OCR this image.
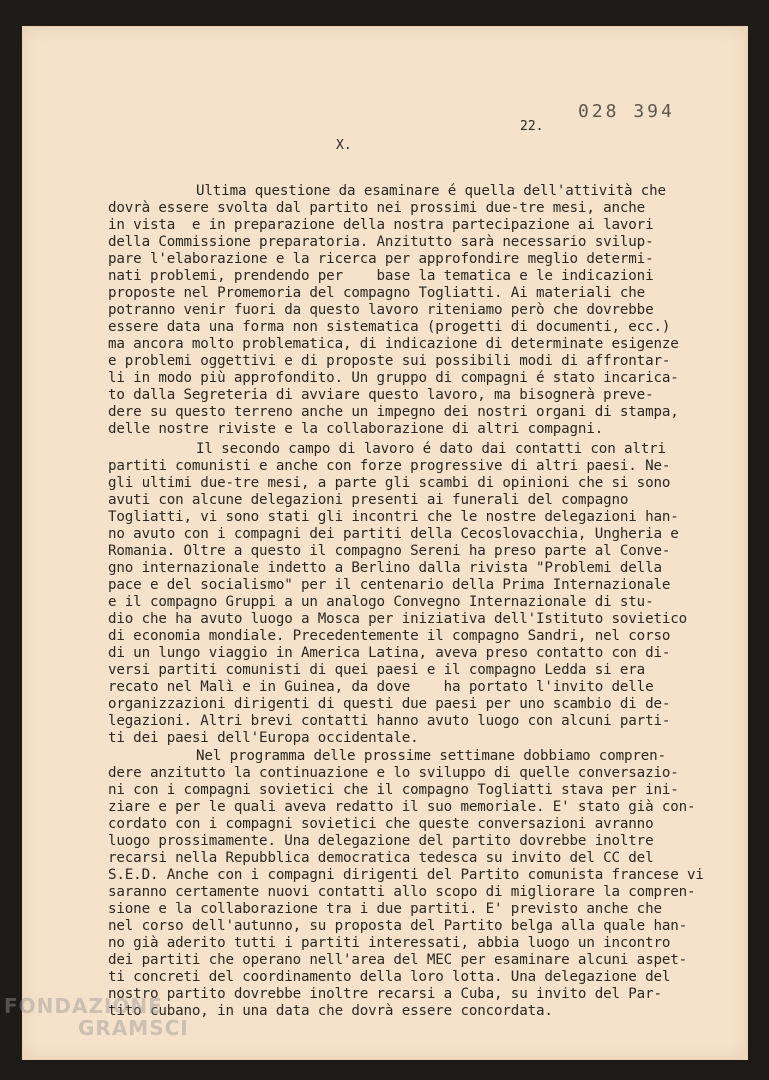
028 394
22.
X.
Ultima questione da esaminare é quella dell'attività che
dovrà essere svolta dal partito nei prossimi due-tre mesi, anche
in vista  e in preparazione della nostra partecipazione ai lavori
della Commissione preparatoria. Anzitutto sarà necessario svilup-
pare l'elaborazione e la ricerca per approfondire meglio determi-
nati problemi, prendendo per    base la tematica e le indicazioni
proposte nel Promemoria del compagno Togliatti. Ai materiali che
potranno venir fuori da questo lavoro riteniamo però che dovrebbe
essere data una forma non sistematica (progetti di documenti, ecc.)
ma ancora molto problematica, di indicazione di determinate esigenze
e problemi oggettivi e di proposte sui possibili modi di affrontar-
li in modo più approfondito. Un gruppo di compagni é stato incarica-
to dalla Segreteria di avviare questo lavoro, ma bisognerà preve-
dere su questo terreno anche un impegno dei nostri organi di stampa,
delle nostre riviste e la collaborazione di altri compagni.
Il secondo campo di lavoro é dato dai contatti con altri
partiti comunisti e anche con forze progressive di altri paesi. Ne-
gli ultimi due-tre mesi, a parte gli scambi di opinioni che si sono
avuti con alcune delegazioni presenti ai funerali del compagno
Togliatti, vi sono stati gli incontri che le nostre delegazioni han-
no avuto con i compagni dei partiti della Cecoslovacchia, Ungheria e
Romania. Oltre a questo il compagno Sereni ha preso parte al Conve-
gno internazionale indetto a Berlino dalla rivista "Problemi della
pace e del socialismo" per il centenario della Prima Internazionale
e il compagno Gruppi a un analogo Convegno Internazionale di stu-
dio che ha avuto luogo a Mosca per iniziativa dell'Istituto sovietico
di economia mondiale. Precedentemente il compagno Sandri, nel corso
di un lungo viaggio in America Latina, aveva preso contatto con di-
versi partiti comunisti di quei paesi e il compagno Ledda si era
recato nel Malì e in Guinea, da dove    ha portato l'invito delle
organizzazioni dirigenti di questi due paesi per uno scambio di de-
legazioni. Altri brevi contatti hanno avuto luogo con alcuni parti-
ti dei paesi dell'Europa occidentale.
Nel programma delle prossime settimane dobbiamo compren-
dere anzitutto la continuazione e lo sviluppo di quelle conversazio-
ni con i compagni sovietici che il compagno Togliatti stava per ini-
ziare e per le quali aveva redatto il suo memoriale. E' stato già con-
cordato con i compagni sovietici che queste conversazioni avranno
luogo prossimamente. Una delegazione del partito dovrebbe inoltre
recarsi nella Repubblica democratica tedesca su invito del CC del
S.E.D. Anche con i compagni dirigenti del Partito comunista francese vi
saranno certamente nuovi contatti allo scopo di migliorare la compren-
sione e la collaborazione tra i due partiti. E' previsto anche che
nel corso dell'autunno, su proposta del Partito belga alla quale han-
no già aderito tutti i partiti interessati, abbia luogo un incontro
dei partiti che operano nell'area del MEC per esaminare alcuni aspet-
ti concreti del coordinamento della loro lotta. Una delegazione del
nostro partito dovrebbe inoltre recarsi a Cuba, su invito del Par-
tito cubano, in una data che dovrà essere concordata.
FONDAZIONE
GRAMSCI
